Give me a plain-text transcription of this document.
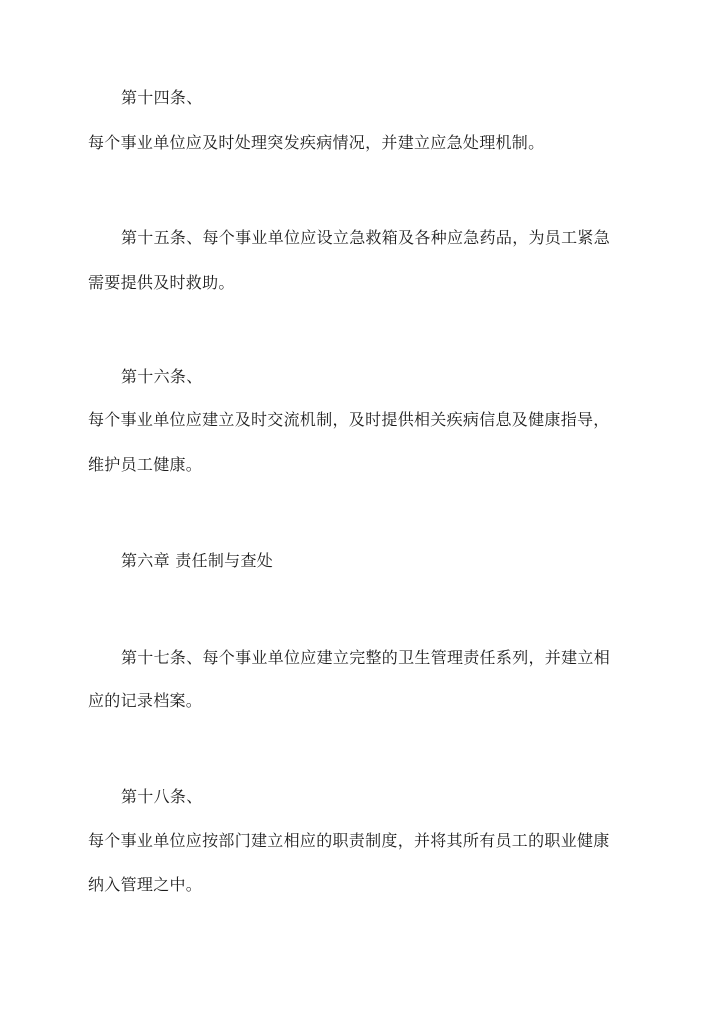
第十四条、
每个事业单位应及时处理突发疾病情况，并建立应急处理机制。
第十五条、每个事业单位应设立急救箱及各种应急药品，为员工紧急
需要提供及时救助。
第十六条、
每个事业单位应建立及时交流机制，及时提供相关疾病信息及健康指导，
维护员工健康。
第六章 责任制与查处
第十七条、每个事业单位应建立完整的卫生管理责任系列，并建立相
应的记录档案。
第十八条、
每个事业单位应按部门建立相应的职责制度，并将其所有员工的职业健康
纳入管理之中。
